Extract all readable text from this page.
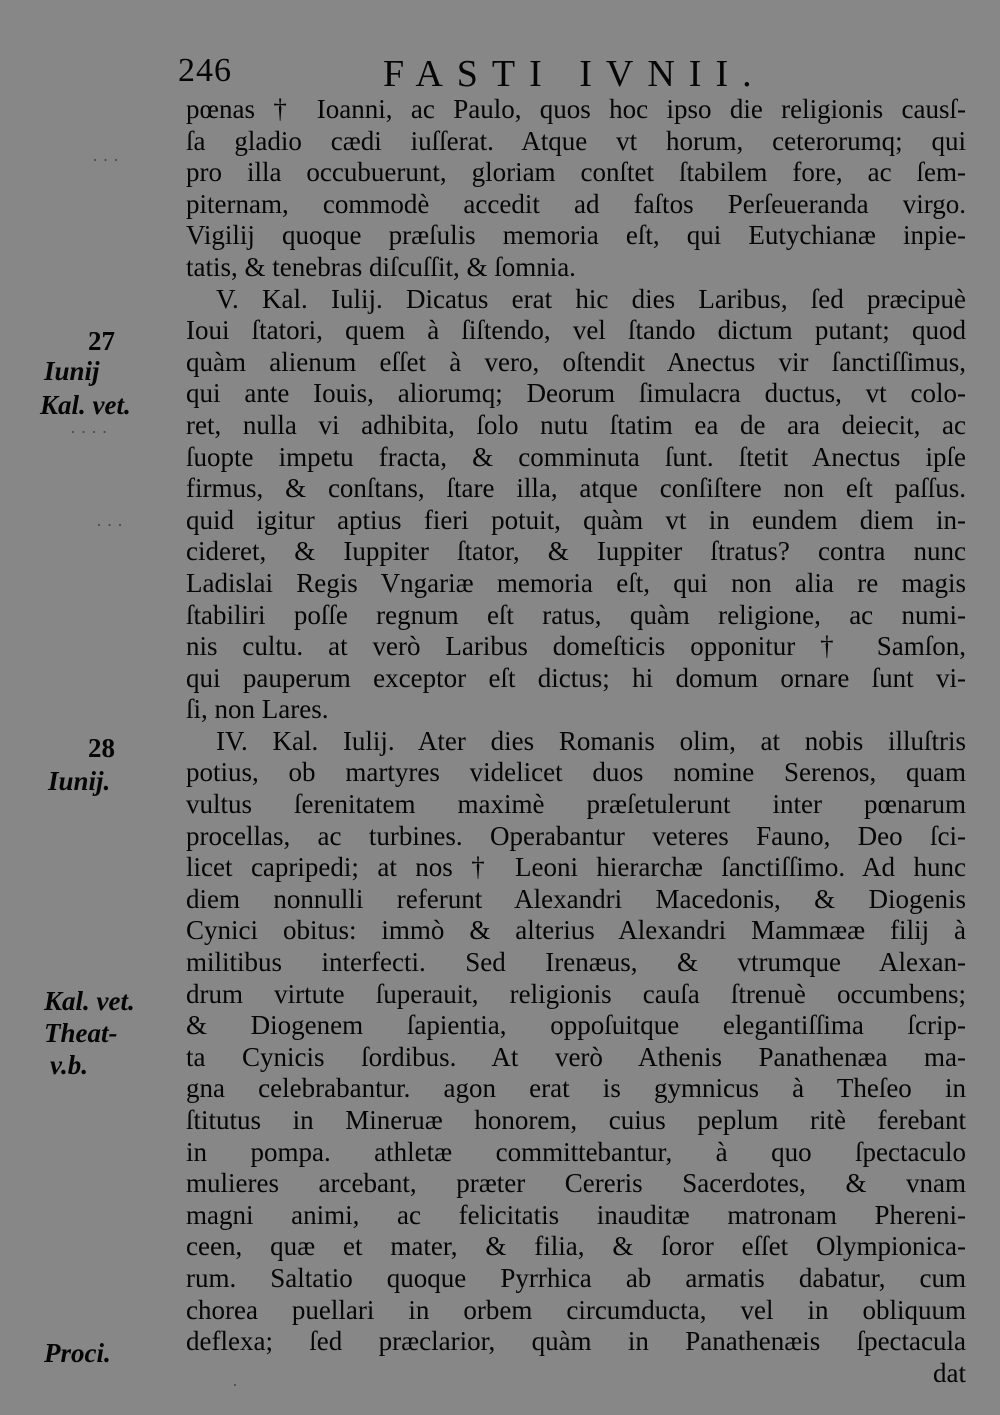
246	FASTI IVNII.
pœnas † Ioanni, ac Paulo, quos hoc ipso die religionis causſ-
ſa gladio cædi iuſſerat. Atque vt horum, ceterorumq; qui
pro illa occubuerunt, gloriam conſtet ſtabilem fore, ac ſem-
piternam, commodè accedit ad faſtos Perſeueranda virgo.
Vigilij quoque præſulis memoria eſt, qui Eutychianæ inpie-
tatis, & tenebras diſcuſſit, & ſomnia.
V. Kal. Iulij. Dicatus erat hic dies Laribus, ſed præcipuè
Ioui ſtatori, quem à ſiſtendo, vel ſtando dictum putant; quod
quàm alienum eſſet à vero, oſtendit Anectus vir ſanctiſſimus,
qui ante Iouis, aliorumq; Deorum ſimulacra ductus, vt colo-
ret, nulla vi adhibita, ſolo nutu ſtatim ea de ara deiecit, ac
ſuopte impetu fracta, & comminuta ſunt. ſtetit Anectus ipſe
firmus, & conſtans, ſtare illa, atque conſiſtere non eſt paſſus.
quid igitur aptius fieri potuit, quàm vt in eundem diem in-
cideret, & Iuppiter ſtator, & Iuppiter ſtratus? contra nunc
Ladislai Regis Vngariæ memoria eſt, qui non alia re magis
ſtabiliri poſſe regnum eſt ratus, quàm religione, ac numi-
nis cultu. at verò Laribus domeſticis opponitur † Samſon,
qui pauperum exceptor eſt dictus; hi domum ornare ſunt vi-
ſi, non Lares.
IV. Kal. Iulij. Ater dies Romanis olim, at nobis illuſtris
potius, ob martyres videlicet duos nomine Serenos, quam
vultus ſerenitatem maximè præſetulerunt inter pœnarum
procellas, ac turbines. Operabantur veteres Fauno, Deo ſci-
licet capripedi; at nos † Leoni hierarchæ ſanctiſſimo. Ad hunc
diem nonnulli referunt Alexandri Macedonis, & Diogenis
Cynici obitus: immò & alterius Alexandri Mammææ filij à
militibus interfecti. Sed Irenæus, & vtrumque Alexan-
drum virtute ſuperauit, religionis cauſa ſtrenuè occumbens;
& Diogenem ſapientia, oppoſuitque elegantiſſima ſcrip-
ta Cynicis ſordibus. At verò Athenis Panathenæa ma-
gna celebrabantur. agon erat is gymnicus à Theſeo in
ſtitutus in Mineruæ honorem, cuius peplum ritè ferebant
in pompa. athletæ committebantur, à quo ſpectaculo
mulieres arcebant, præter Cereris Sacerdotes, & vnam
magni animi, ac felicitatis inauditæ matronam Phereni-
ceen, quæ et mater, & filia, & ſoror eſſet Olympionica-
rum. Saltatio quoque Pyrrhica ab armatis dabatur, cum
chorea puellari in orbem circumducta, vel in obliquum
deflexa; ſed præclarior, quàm in Panathenæis ſpectacula
dat
27
Iunij
Kal. vet.
28
Iunij.
Kal. vet.
Theat-
v.b.
Proci.
· · ·
· · · ·
· · ·
·
